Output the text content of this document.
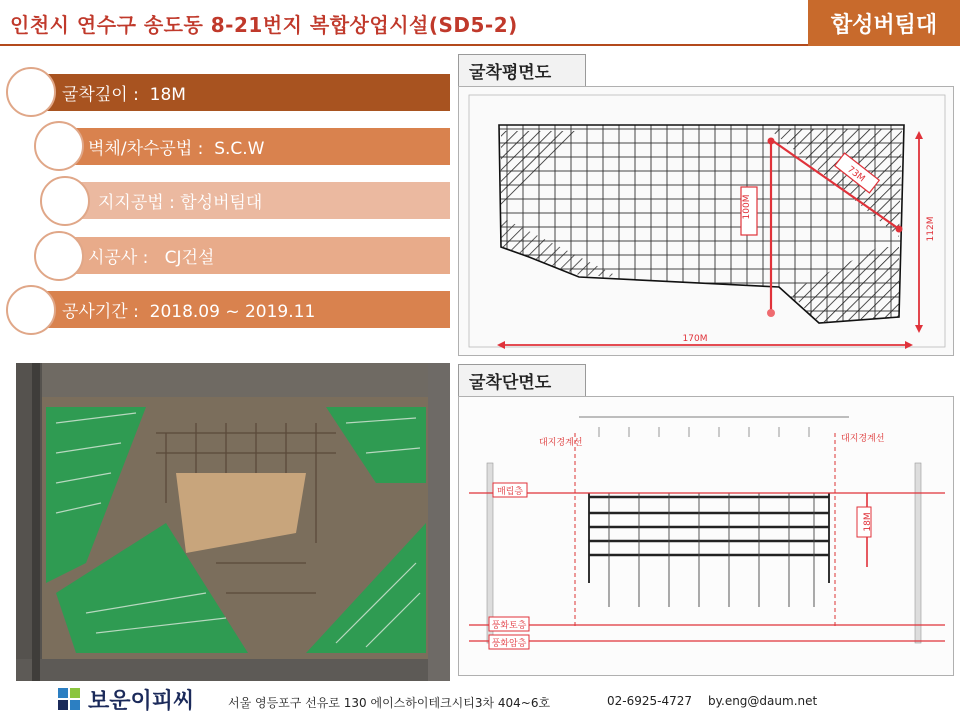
인천시 연수구 송도동 8-21번지 복합상업시설(SD5-2)	합성버팀대
굴착깊이 :  18M
벽체/차수공법 :  S.C.W
지지공법 : 합성버팀대
시공사 :   CJ건설
공사기간 :  2018.09 ~ 2019.11
굴착평면도
100M
73M
112M
170M
굴착단면도
대지경계선	대지경계선
18M
매립층
풍화토층
풍화암층
보운이피씨	서울 영등포구 선유로 130 에이스하이테크시티3차 404~6호	02-6925-4727 by.eng@daum.net
